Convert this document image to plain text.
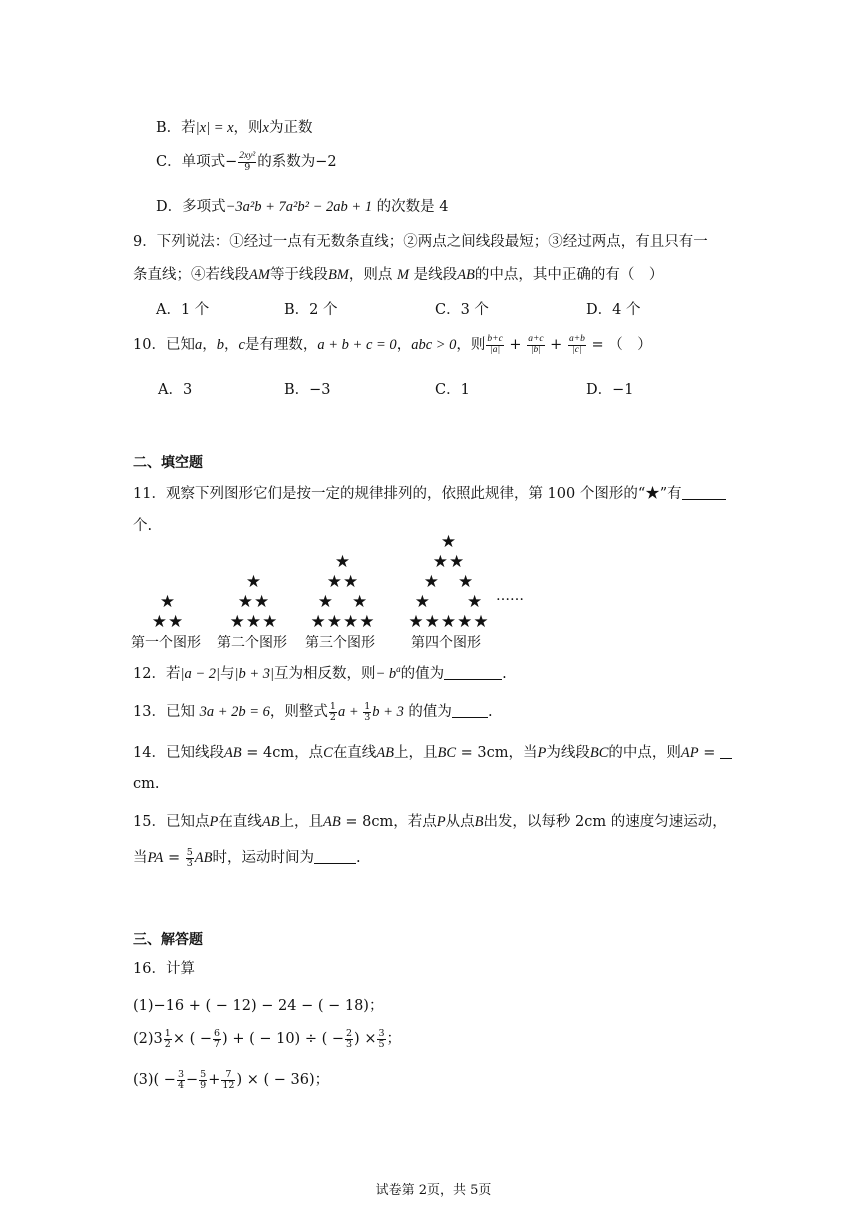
B．若|x| = x，则x为正数
C．单项式− $\frac{\text{2xy²}}{9}$ 的系数为−2
D．多项式−3a²b + 7a²b² − 2ab + 1 的次数是 4
9．下列说法：①经过一点有无数条直线；②两点之间线段最短；③经过两点，有且只有一
条直线；④若线段AM等于线段BM，则点 M 是线段AB的中点，其中正确的有（　）
A．1 个	B．2 个	C．3 个	D．4 个
10．已知a，b，c是有理数，a + b + c = 0，abc > 0，则 $\frac{b+c}{|a|} + \frac{a+c}{|b|} + \frac{a+b}{|c|}$ = （　）
A．3	B．−3	C．1	D．−1
二、填空题
11．观察下列图形它们是按一定的规律排列的，依照此规律，第 100 个图形的“★”有
个.
★
★★
第一个图形
★
★★
★★★
第二个图形
★
★★
★　★
★★★★
第三个图形
★
★★
★　★
★　　★
★★★★★
第四个图形
……
12．若|a − 2|与|b + 3|互为相反数，则− $b^a$的值为	.
13．已知 3a + 2b = 6，则整式 $\frac{1}{2}$ $a + \frac{1}{3}$ b + 3 的值为 .
14．已知线段AB = 4cm，点C在直线AB上，且BC = 3cm，当P为线段BC的中点，则AP =
cm.
15．已知点P在直线AB上，且AB = 8cm，若点P从点B出发，以每秒 2cm 的速度匀速运动，
当PA = $\frac{5}{3}$ AB时，运动时间为	.
三、解答题
16．计算
(1)−16 + ( − 12) − 24 − ( − 18)；
$(2)3 \frac{1}{2}$ × ( − $\frac{6}{7}$ ) + ( − 10) ÷ ( − $\frac{2}{3}$ ) × $\frac{3}{5}$ ；
$(3)( - \frac{3}{4} - \frac{5}{9} + \frac{7}{12}$ ) × ( − 36)；
试卷第 2页，共 5页
